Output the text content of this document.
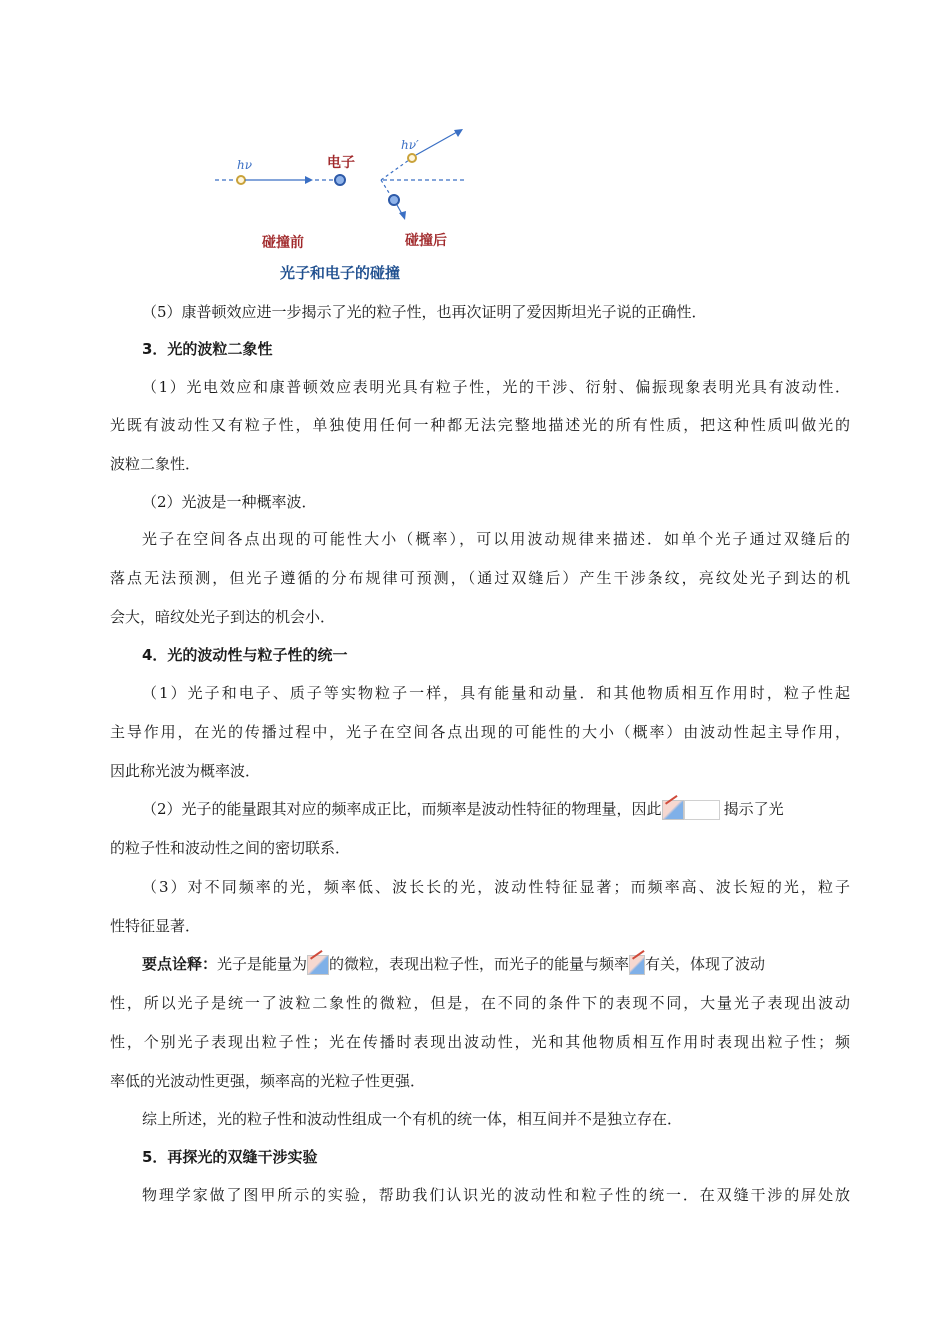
hν	电子
hν′
碰撞前	碰撞后
光子和电子的碰撞
（5）康普顿效应进一步揭示了光的粒子性，也再次证明了爱因斯坦光子说的正确性．
3．光的波粒二象性
（1）光电效应和康普顿效应表明光具有粒子性，光的干涉、衍射、偏振现象表明光具有波动性．
光既有波动性又有粒子性，单独使用任何一种都无法完整地描述光的所有性质，把这种性质叫做光的
波粒二象性．
（2）光波是一种概率波．
光子在空间各点出现的可能性大小（概率），可以用波动规律来描述．如单个光子通过双缝后的
落点无法预测，但光子遵循的分布规律可预测，（通过双缝后）产生干涉条纹，亮纹处光子到达的机
会大，暗纹处光子到达的机会小．
4．光的波动性与粒子性的统一
（1）光子和电子、质子等实物粒子一样，具有能量和动量．和其他物质相互作用时，粒子性起
主导作用，在光的传播过程中，光子在空间各点出现的可能性的大小（概率）由波动性起主导作用，
因此称光波为概率波．
（2）光子的能量跟其对应的频率成正比，而频率是波动性特征的物理量，因此	揭示了光
的粒子性和波动性之间的密切联系．
（3）对不同频率的光，频率低、波长长的光，波动性特征显著；而频率高、波长短的光，粒子
性特征显著．
要点诠释：光子是能量为 的微粒，表现出粒子性，而光子的能量与频率 有关，体现了波动
性，所以光子是统一了波粒二象性的微粒，但是，在不同的条件下的表现不同，大量光子表现出波动
性，个别光子表现出粒子性；光在传播时表现出波动性，光和其他物质相互作用时表现出粒子性；频
率低的光波动性更强，频率高的光粒子性更强．
综上所述，光的粒子性和波动性组成一个有机的统一体，相互间并不是独立存在．
5．再探光的双缝干涉实验
物理学家做了图甲所示的实验，帮助我们认识光的波动性和粒子性的统一．在双缝干涉的屏处放
